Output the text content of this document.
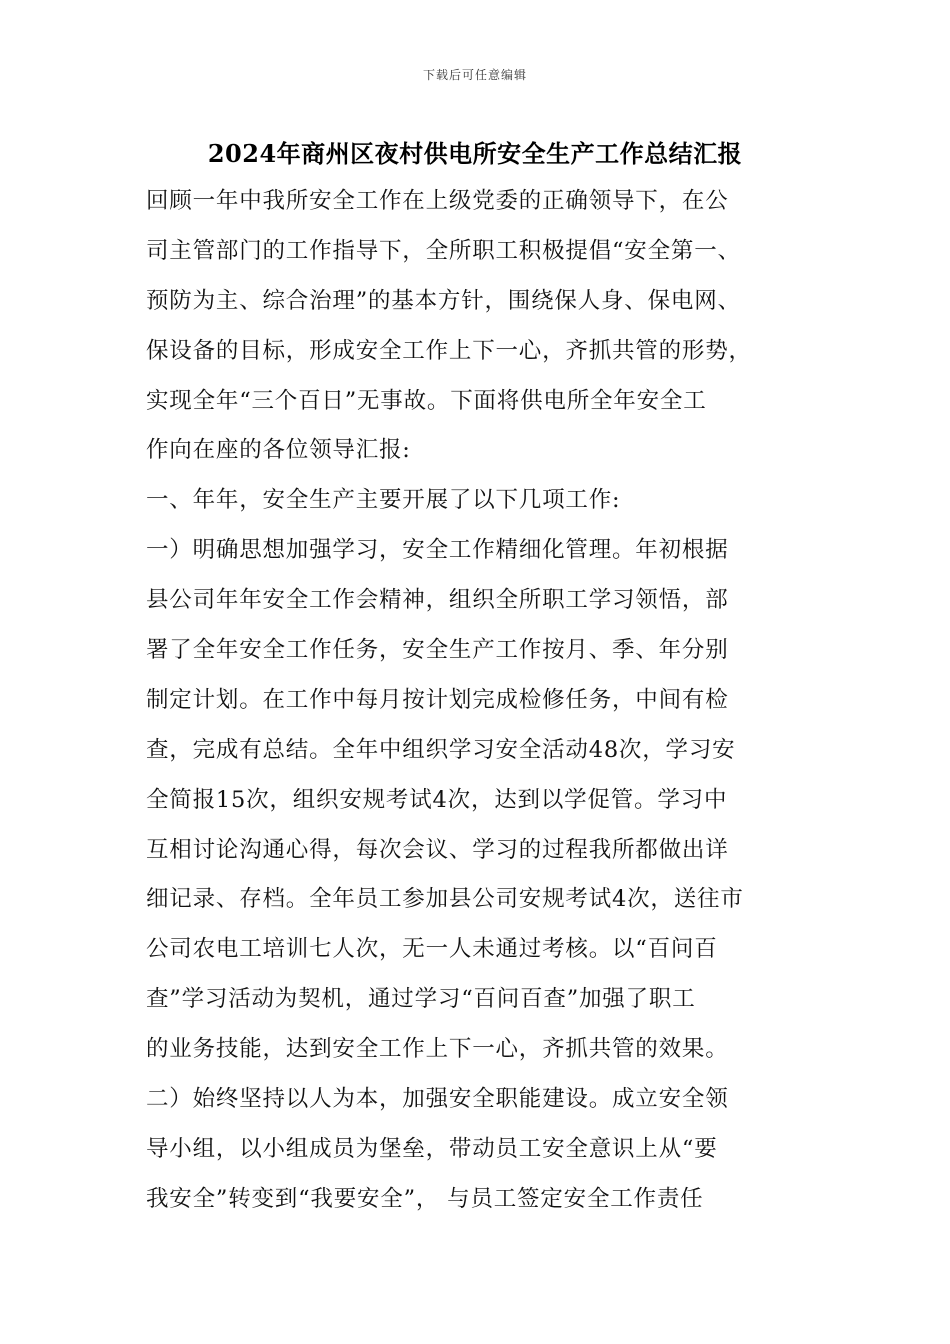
下载后可任意编辑
2024年商州区夜村供电所安全生产工作总结汇报
回顾一年中我所安全工作在上级党委的正确领导下，在公
司主管部门的工作指导下，全所职工积极提倡“安全第一、
预防为主、综合治理”的基本方针，围绕保人身、保电网、
保设备的目标，形成安全工作上下一心，齐抓共管的形势，
实现全年“三个百日”无事故。下面将供电所全年安全工
作向在座的各位领导汇报:
一、年年，安全生产主要开展了以下几项工作:
一）明确思想加强学习，安全工作精细化管理。年初根据
县公司年年安全工作会精神，组织全所职工学习领悟，部
署了全年安全工作任务，安全生产工作按月、季、年分别
制定计划。在工作中每月按计划完成检修任务，中间有检
查，完成有总结。全年中组织学习安全活动48次，学习安
全简报15次，组织安规考试4次，达到以学促管。学习中
互相讨论沟通心得，每次会议、学习的过程我所都做出详
细记录、存档。全年员工参加县公司安规考试4次，送往市
公司农电工培训七人次，无一人未通过考核。以“百问百
查”学习活动为契机，通过学习“百问百查”加强了职工
的业务技能，达到安全工作上下一心，齐抓共管的效果。
二）始终坚持以人为本，加强安全职能建设。成立安全领
导小组，以小组成员为堡垒，带动员工安全意识上从“要
我安全”转变到“我要安全”， 与员工签定安全工作责任
